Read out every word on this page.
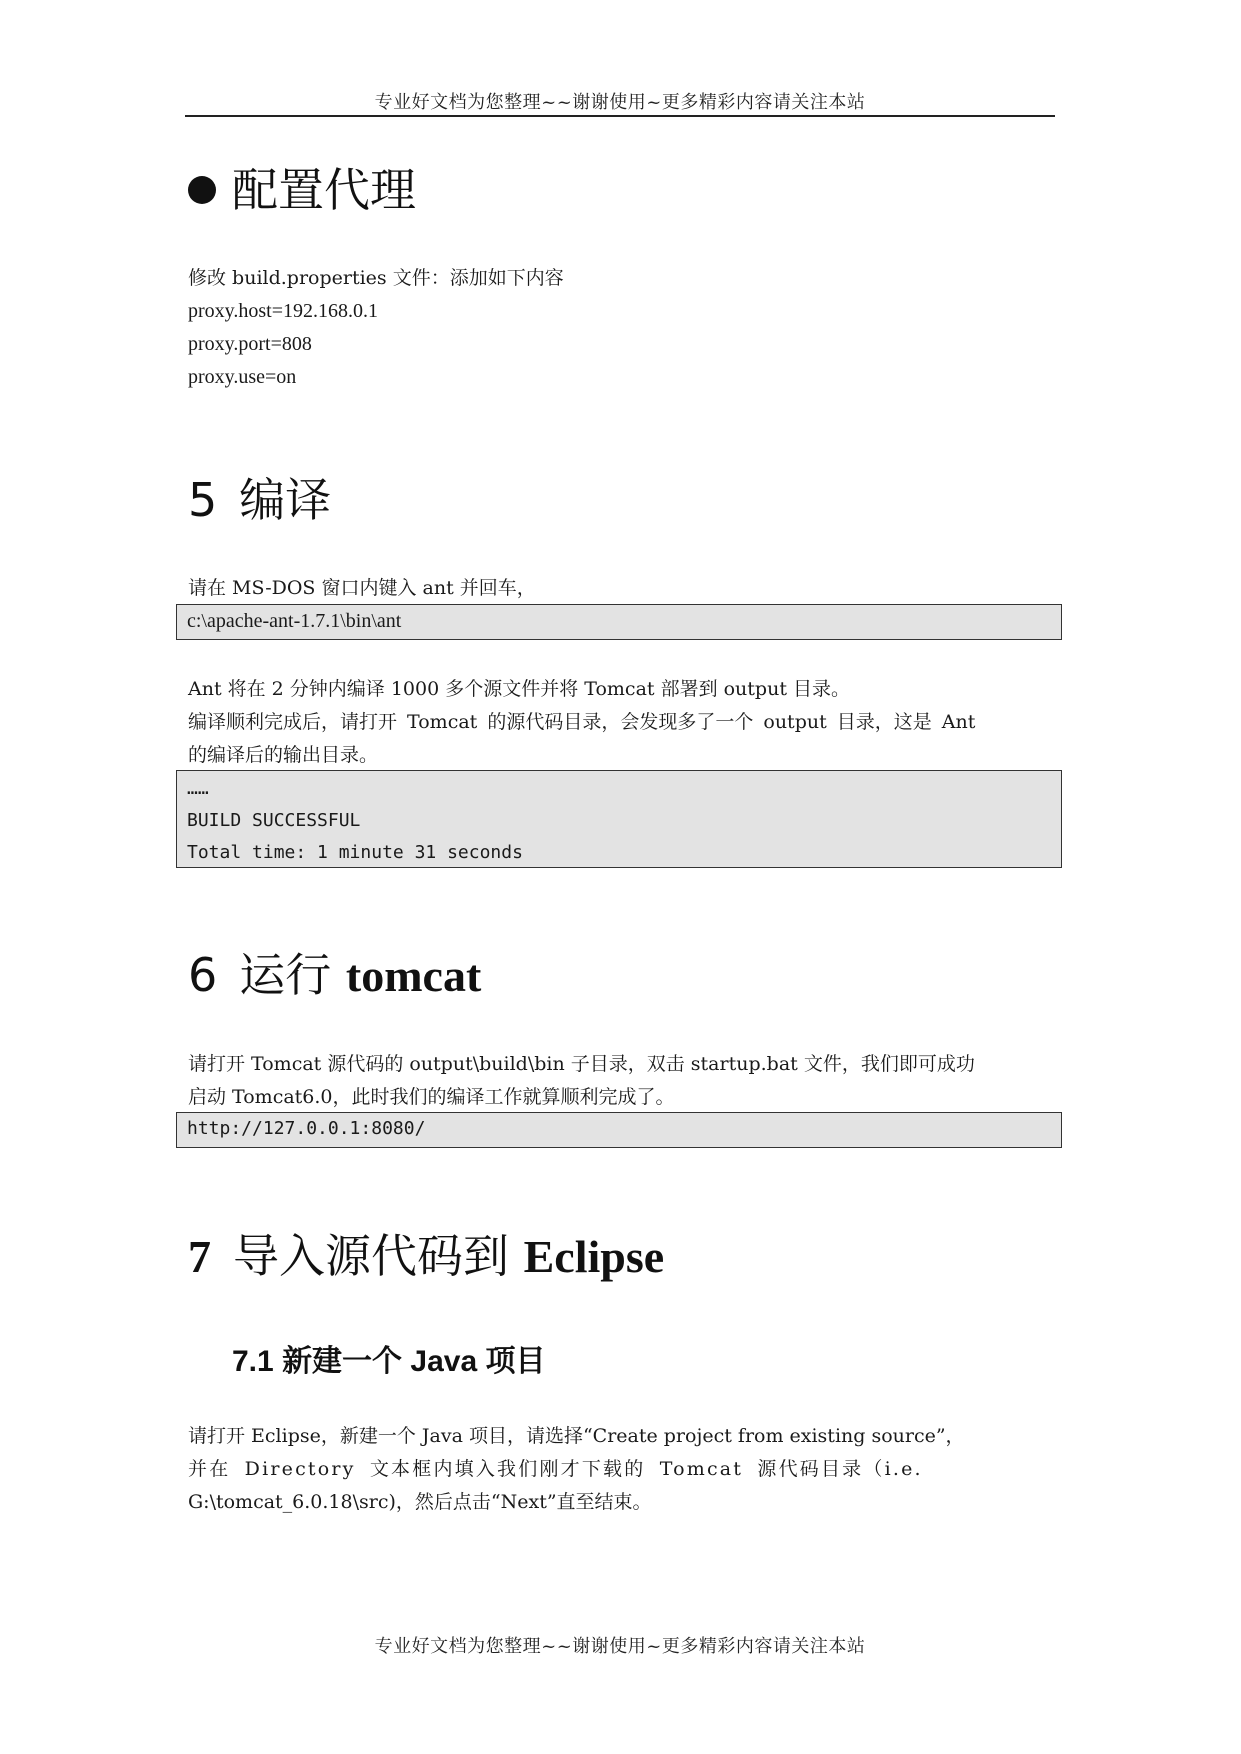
专业好文档为您整理~~谢谢使用~更多精彩内容请关注本站
配置代理
修改 build.properties 文件：添加如下内容
proxy.host=192.168.0.1
proxy.port=808
proxy.use=on
5 编译
请在 MS-DOS 窗口内键入 ant 并回车，
c:\apache-ant-1.7.1\bin\ant
Ant 将在 2 分钟内编译 1000 多个源文件并将 Tomcat 部署到 output 目录。
编译顺利完成后，请打开 Tomcat 的源代码目录，会发现多了一个 output 目录，这是 Ant
的编译后的输出目录。
……
BUILD SUCCESSFUL
Total time: 1 minute 31 seconds
6 运行 tomcat
请打开 Tomcat 源代码的 output\build\bin 子目录，双击 startup.bat 文件，我们即可成功
启动 Tomcat6.0，此时我们的编译工作就算顺利完成了。
http://127.0.0.1:8080/
7 导入源代码到 Eclipse
7.1 新建一个 Java 项目
请打开 Eclipse，新建一个 Java 项目，请选择“Create project from existing source”，
并在 Directory 文本框内填入我们刚才下载的 Tomcat 源代码目录（i.e.
G:\tomcat_6.0.18\src)，然后点击“Next”直至结束。
专业好文档为您整理~~谢谢使用~更多精彩内容请关注本站
